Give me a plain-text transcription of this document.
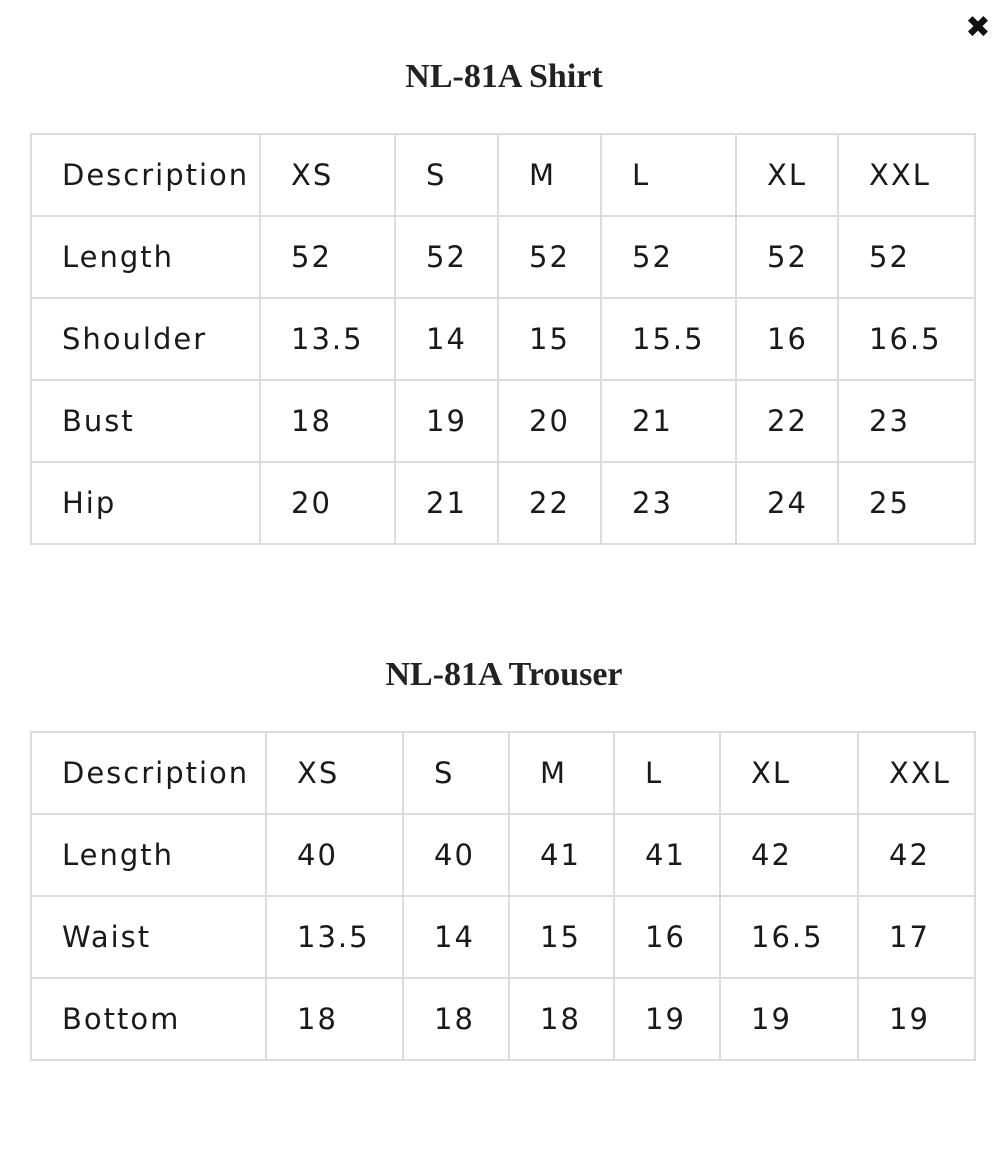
✖
NL-81A Shirt
Description	XS	S	M	L	XL	XXL
Length	52	52	52	52	52	52
Shoulder	13.5	14	15	15.5	16	16.5
Bust	18	19	20	21	22	23
Hip	20	21	22	23	24	25
NL-81A Trouser
Description	XS	S	M	L	XL	XXL
Length	40	40	41	41	42	42
Waist	13.5	14	15	16	16.5	17
Bottom	18	18	18	19	19	19
